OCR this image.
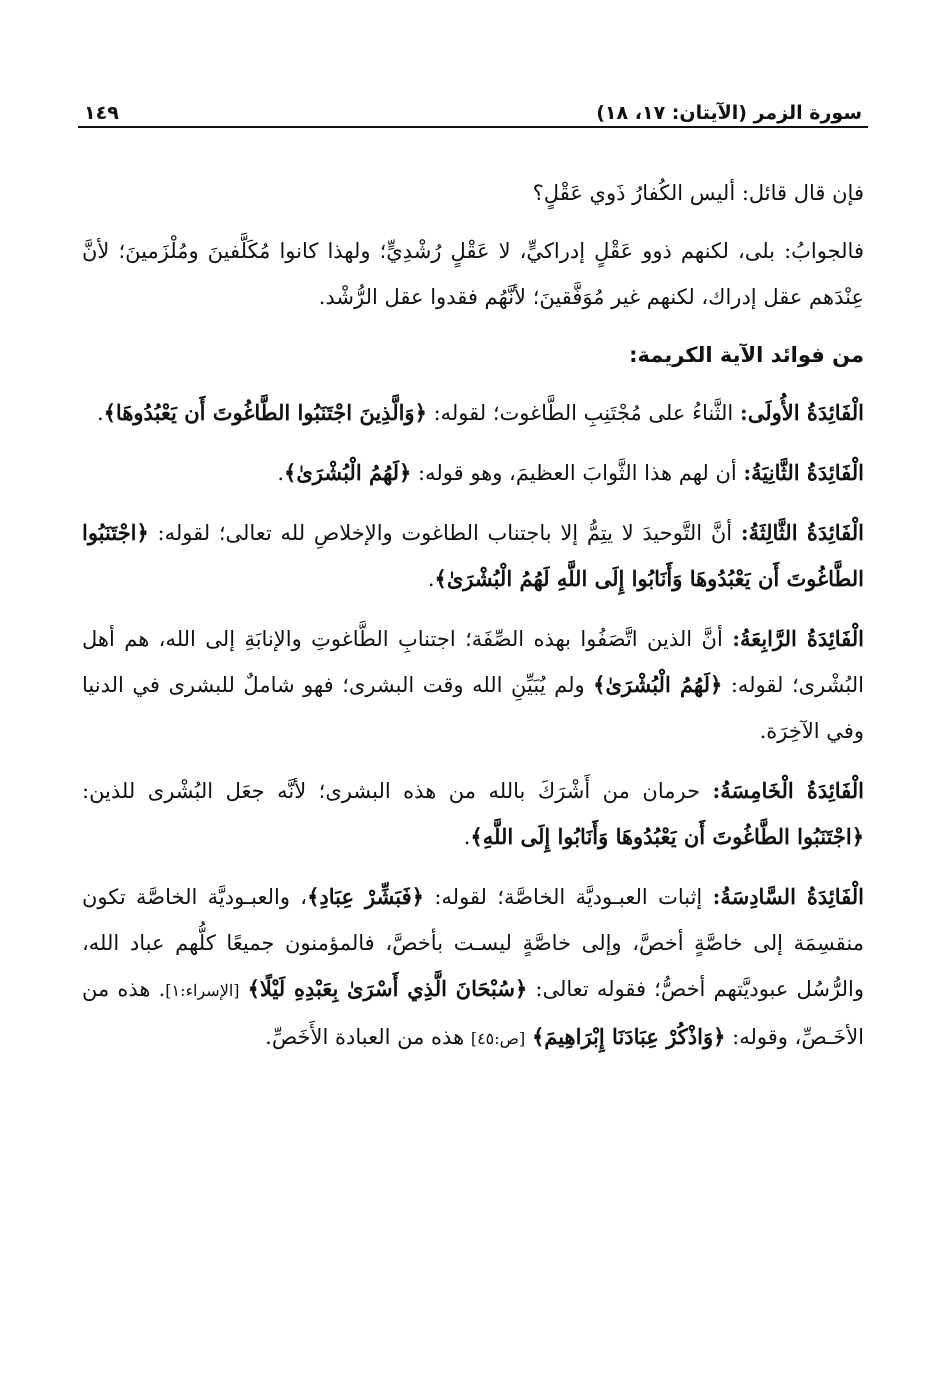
سورة الزمر (الآيتان: ١٧، ١٨)
١٤٩

فإن قال قائل: أليس الكُفارُ ذَوي عَقْلٍ؟

فالجوابُ: بلى، لكنهم ذوو عَقْلٍ إدراكيٍّ، لا عَقْلٍ رُشْدِيٍّ؛ ولهذا كانوا مُكَلَّفينَ ومُلْزَمينَ؛ لأنَّ عِنْدَهم عقل إدراك، لكنهم غير مُوَفَّقينَ؛ لأنَّهُم فقدوا عقل الرُّشْد.

من فوائد الآية الكريمة:

الْفَائِدَةُ الأُولَى: الثَّناءُ على مُجْتَنِبِ الطَّاغوت؛ لقوله: ﴿وَالَّذِينَ اجْتَنَبُوا الطَّاغُوتَ أَن يَعْبُدُوهَا﴾.

الْفَائِدَةُ الثَّانِيَةُ: أن لهم هذا الثَّوابَ العظيمَ، وهو قوله: ﴿لَهُمُ الْبُشْرَىٰ﴾.

الْفَائِدَةُ الثَّالِثَةُ: أنَّ التَّوحيدَ لا يتِمُّ إلا باجتناب الطاغوت والإخلاصِ لله تعالى؛ لقوله: ﴿اجْتَنَبُوا الطَّاغُوتَ أَن يَعْبُدُوهَا وَأَنَابُوا إِلَى اللَّهِ لَهُمُ الْبُشْرَىٰ﴾.

الْفَائِدَةُ الرَّابِعَةُ: أنَّ الذين اتَّصَفُوا بهذه الصِّفَة؛ اجتنابِ الطَّاغوتِ والإنابَةِ إلى الله، هم أهل البُشْرى؛ لقوله: ﴿لَهُمُ الْبُشْرَىٰ﴾ ولم يُبَيِّنِ الله وقت البشرى؛ فهو شاملٌ للبشرى في الدنيا وفي الآخِرَة.

الْفَائِدَةُ الْخَامِسَةُ: حرمان من أَشْرَكَ بالله من هذه البشرى؛ لأنَّه جعَل البُشْرى للذين: ﴿اجْتَنَبُوا الطَّاغُوتَ أَن يَعْبُدُوهَا وَأَنَابُوا إِلَى اللَّهِ﴾.

الْفَائِدَةُ السَّادِسَةُ: إثبات العبـوديَّة الخاصَّة؛ لقوله: ﴿فَبَشِّرْ عِبَادِ﴾، والعبـوديَّة الخاصَّة تكون منقسِمَة إلى خاصَّةٍ أخصَّ، وإلى خاصَّةٍ ليسـت بأخصَّ، فالمؤمنون جميعًا كلُّهم عباد الله، والرُّسُل عبوديَّتهم أخصُّ؛ فقوله تعالى: ﴿سُبْحَانَ الَّذِي أَسْرَىٰ بِعَبْدِهِ لَيْلًا﴾ [الإسراء:١]. هذه من الأخَـصِّ، وقوله: ﴿وَاذْكُرْ عِبَادَنَا إِبْرَاهِيمَ﴾ [ص:٤٥] هذه من العبادة الأَخَصِّ.
